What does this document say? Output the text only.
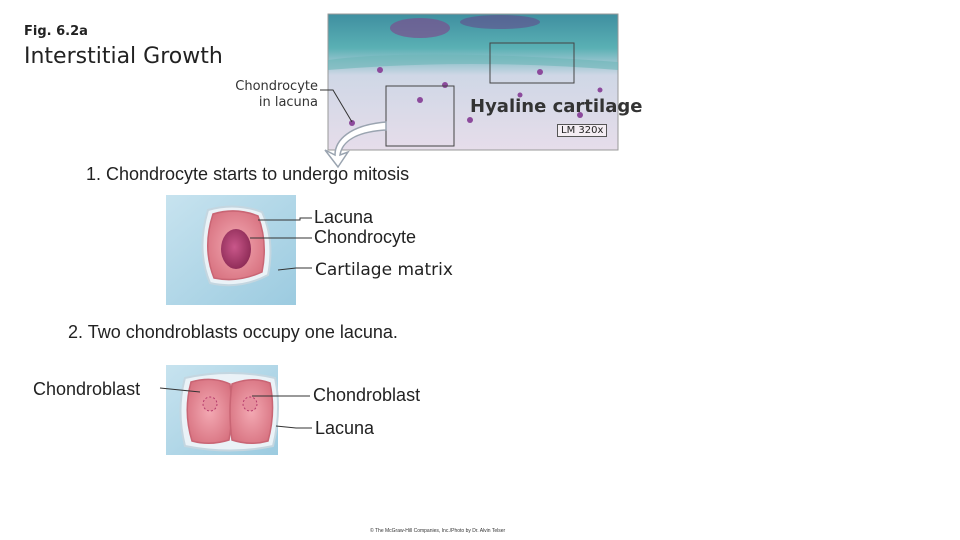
Fig. 6.2a
Interstitial Growth
Chondrocyte
in lacuna	Hyaline cartilage
LM 320x
1. Chondrocyte starts to undergo mitosis
Lacuna
Chondrocyte
Cartilage matrix
2. Two chondroblasts occupy one lacuna.
Chondroblast	Chondroblast
Lacuna
© The McGraw-Hill Companies, Inc./Photo by Dr. Alvin Telser
